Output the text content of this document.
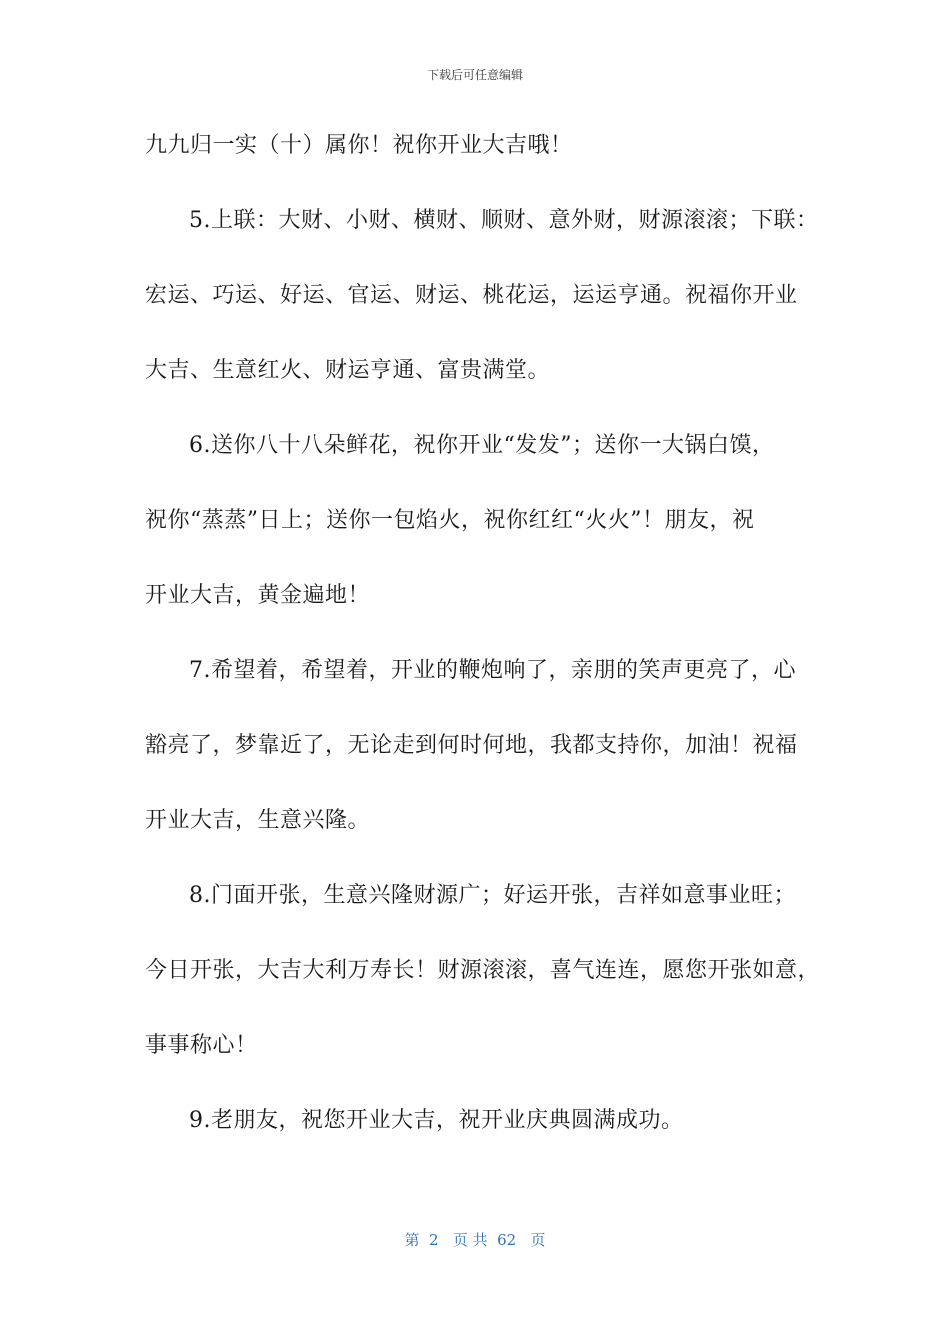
下载后可任意编辑
九九归一实（十）属你！祝你开业大吉哦！
5.上联：大财、小财、横财、顺财、意外财，财源滚滚；下联：
宏运、巧运、好运、官运、财运、桃花运，运运亨通。祝福你开业
大吉、生意红火、财运亨通、富贵满堂。
6.送你八十八朵鲜花，祝你开业“发发”；送你一大锅白馍，
祝你“蒸蒸”日上；送你一包焰火，祝你红红“火火”！朋友，祝
开业大吉，黄金遍地！
7.希望着，希望着，开业的鞭炮响了，亲朋的笑声更亮了，心
豁亮了，梦靠近了，无论走到何时何地，我都支持你，加油！祝福
开业大吉，生意兴隆。
8.门面开张，生意兴隆财源广；好运开张，吉祥如意事业旺；
今日开张，大吉大利万寿长！财源滚滚，喜气连连，愿您开张如意，
事事称心！
9.老朋友，祝您开业大吉，祝开业庆典圆满成功。
第  2   页 共  62   页
